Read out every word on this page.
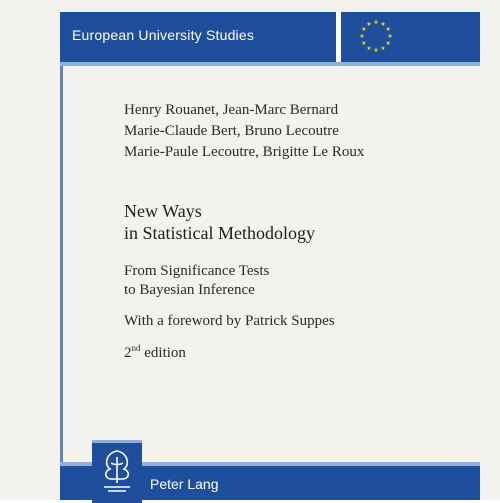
European University Studies
Henry Rouanet, Jean-Marc Bernard
Marie-Claude Bert, Bruno Lecoutre
Marie-Paule Lecoutre, Brigitte Le Roux
New Ways
in Statistical Methodology
From Significance Tests
to Bayesian Inference
With a foreword by Patrick Suppes
2nd edition
Peter Lang
